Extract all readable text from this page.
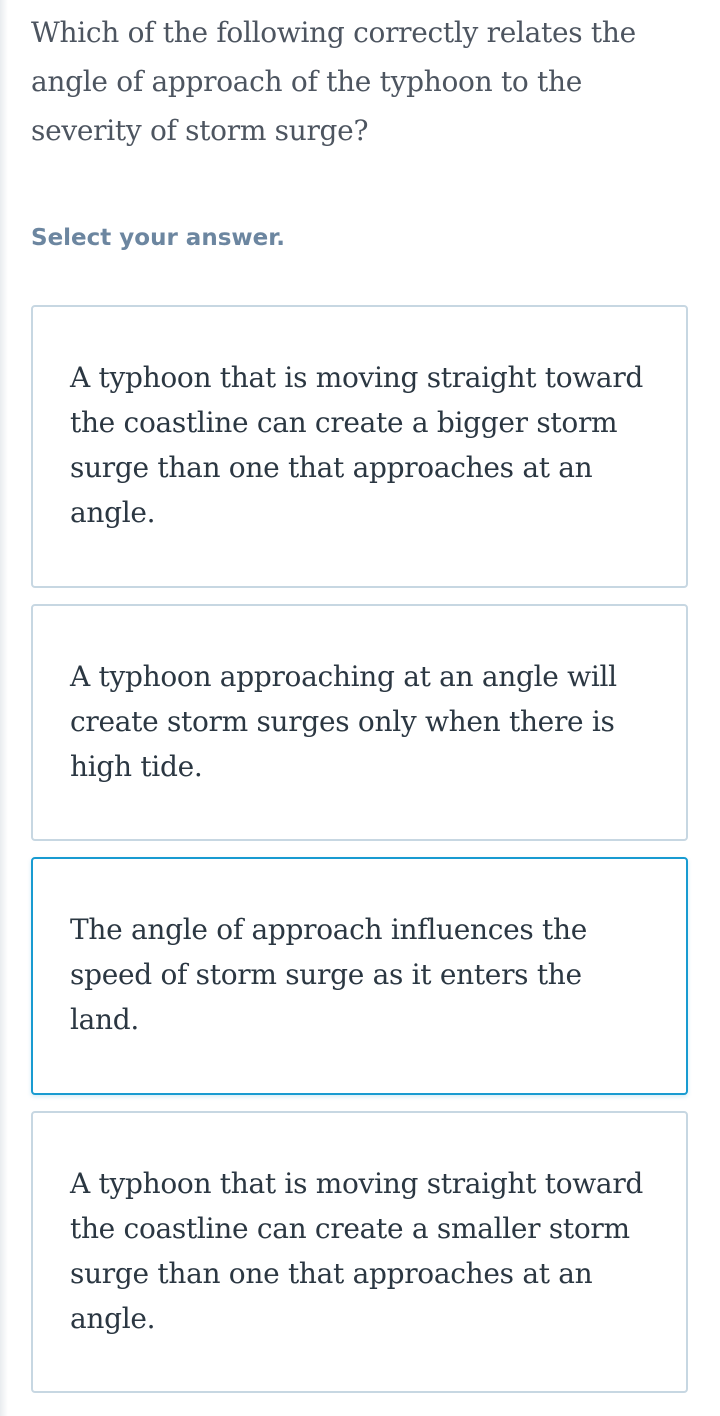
Which of the following correctly relates the angle of approach of the typhoon to the severity of storm surge?

Select your answer.

A typhoon that is moving straight toward the coastline can create a bigger storm surge than one that approaches at an angle.
A typhoon approaching at an angle will create storm surges only when there is high tide.
The angle of approach influences the speed of storm surge as it enters the land.
A typhoon that is moving straight toward the coastline can create a smaller storm surge than one that approaches at an angle.
